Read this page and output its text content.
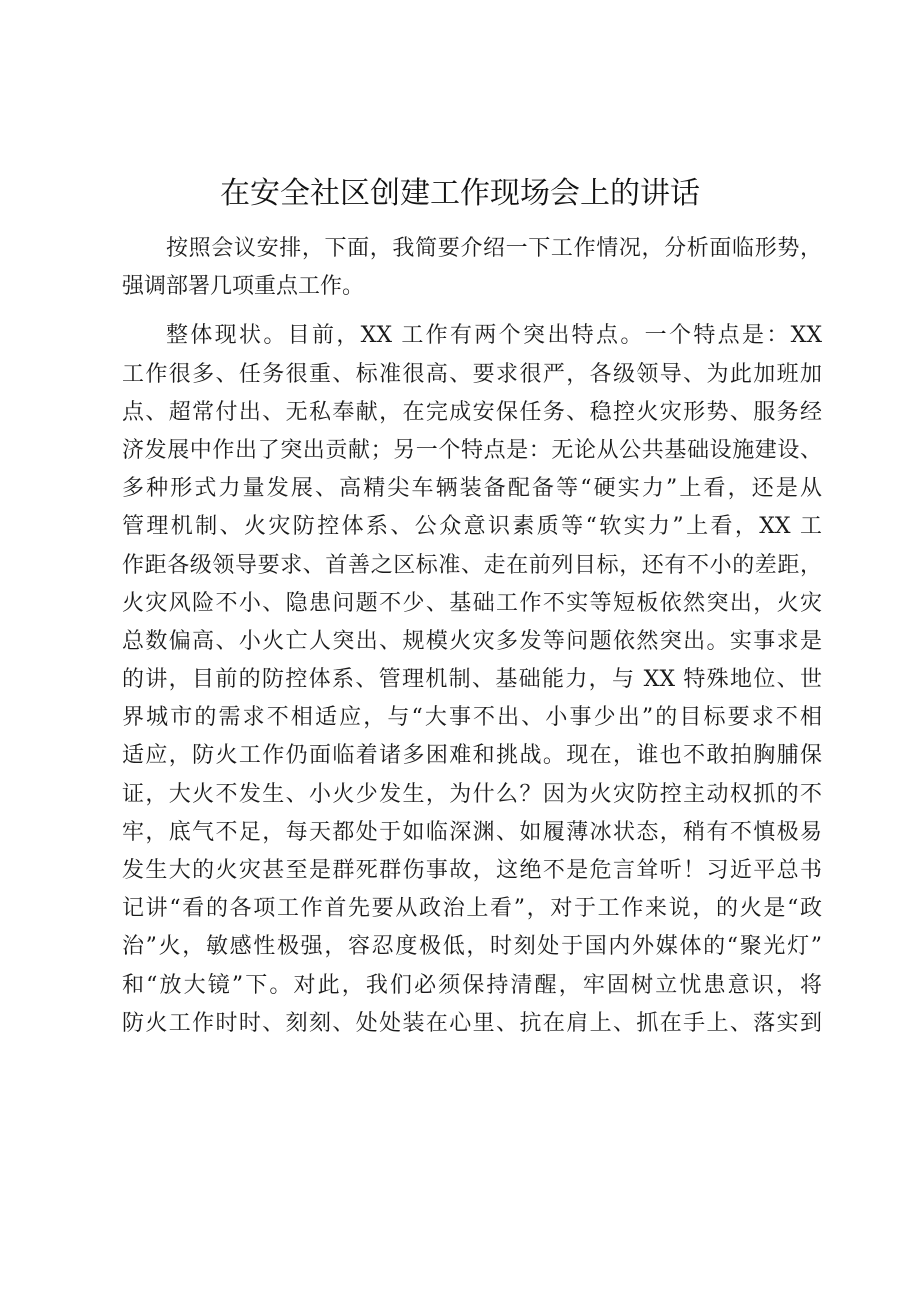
在安全社区创建工作现场会上的讲话
按照会议安排，下面，我简要介绍一下工作情况，分析面临形势，
强调部署几项重点工作。
整体现状。目前，XX 工作有两个突出特点。一个特点是：XX
工作很多、任务很重、标准很高、要求很严，各级领导、为此加班加
点、超常付出、无私奉献，在完成安保任务、稳控火灾形势、服务经
济发展中作出了突出贡献；另一个特点是：无论从公共基础设施建设、
多种形式力量发展、高精尖车辆装备配备等“硬实力”上看，还是从
管理机制、火灾防控体系、公众意识素质等“软实力”上看，XX 工
作距各级领导要求、首善之区标准、走在前列目标，还有不小的差距，
火灾风险不小、隐患问题不少、基础工作不实等短板依然突出，火灾
总数偏高、小火亡人突出、规模火灾多发等问题依然突出。实事求是
的讲，目前的防控体系、管理机制、基础能力，与 XX 特殊地位、世
界城市的需求不相适应，与“大事不出、小事少出”的目标要求不相
适应，防火工作仍面临着诸多困难和挑战。现在，谁也不敢拍胸脯保
证，大火不发生、小火少发生，为什么？因为火灾防控主动权抓的不
牢，底气不足，每天都处于如临深渊、如履薄冰状态，稍有不慎极易
发生大的火灾甚至是群死群伤事故，这绝不是危言耸听！习近平总书
记讲“看的各项工作首先要从政治上看”，对于工作来说，的火是“政
治”火，敏感性极强，容忍度极低，时刻处于国内外媒体的“聚光灯”
和“放大镜”下。对此，我们必须保持清醒，牢固树立忧患意识，将
防火工作时时、刻刻、处处装在心里、抗在肩上、抓在手上、落实到
